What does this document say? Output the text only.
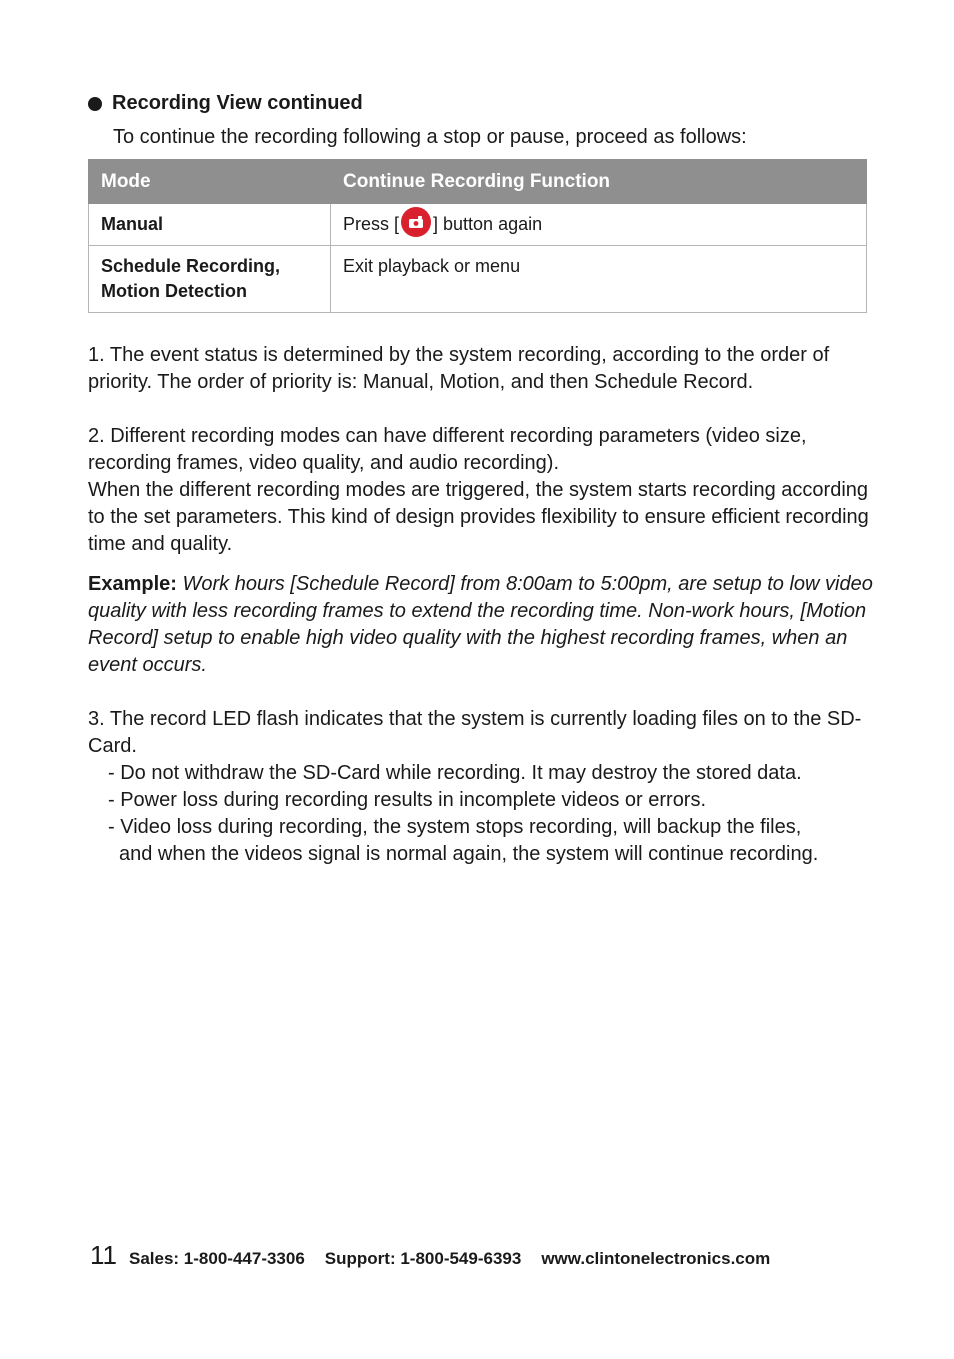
Recording View continued
To continue the recording following a stop or pause, proceed as follows:
Mode	Continue Recording Function
Manual	Press [ ] button again

Schedule Recording,
Motion Detection	Exit playback or menu

1. The event status is determined by the system recording, according to the order of priority. The order of priority is: Manual, Motion, and then Schedule Record.

2. Different recording modes can have different recording parameters (video size, recording frames, video quality, and audio recording).

When the different recording modes are triggered, the system starts recording according to the set parameters. This kind of design provides flexibility to ensure efficient recording time and quality.

Example: Work hours [Schedule Record] from 8:00am to 5:00pm, are setup to low video quality with less recording frames to extend the recording time. Non-work hours, [Motion Record] setup to enable high video quality with the highest recording frames, when an event occurs.

3. The record LED flash indicates that the system is currently loading files on to the SD-Card.

- Do not withdraw the SD-Card while recording. It may destroy the stored data.

- Power loss during recording results in incomplete videos or errors.

- Video loss during recording, the system stops recording, will backup the files,

and when the videos signal is normal again, the system will continue recording.

11 Sales: 1-800-447-3306 Support: 1-800-549-6393 www.clintonelectronics.com
